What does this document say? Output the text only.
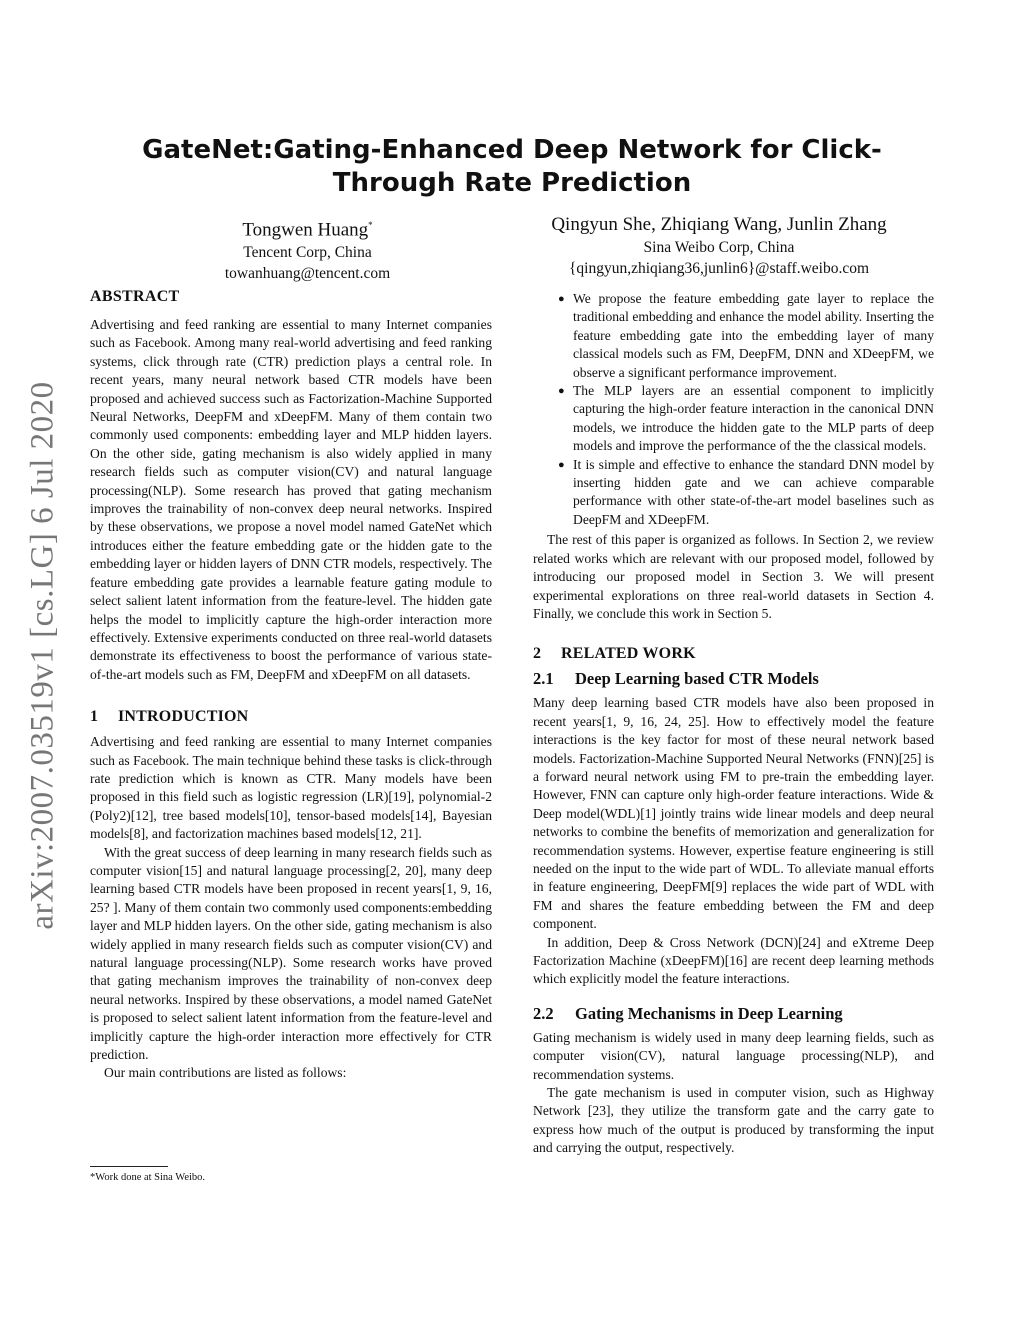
arXiv:2007.03519v1 [cs.LG] 6 Jul 2020
GateNet:Gating-Enhanced Deep Network for Click-Through Rate Prediction
Tongwen Huang*
Tencent Corp, China
towanhuang@tencent.com
Qingyun She, Zhiqiang Wang, Junlin Zhang
Sina Weibo Corp, China
{qingyun,zhiqiang36,junlin6}@staff.weibo.com
ABSTRACT

Advertising and feed ranking are essential to many Internet companies such as Facebook. Among many real-world advertising and feed ranking systems, click through rate (CTR) prediction plays a central role. In recent years, many neural network based CTR models have been proposed and achieved success such as Factorization-Machine Supported Neural Networks, DeepFM and xDeepFM. Many of them contain two commonly used components: embedding layer and MLP hidden layers. On the other side, gating mechanism is also widely applied in many research fields such as computer vision(CV) and natural language processing(NLP). Some research has proved that gating mechanism improves the trainability of non-convex deep neural networks. Inspired by these observations, we propose a novel model named GateNet which introduces either the feature embedding gate or the hidden gate to the embedding layer or hidden layers of DNN CTR models, respectively. The feature embedding gate provides a learnable feature gating module to select salient latent information from the feature-level. The hidden gate helps the model to implicitly capture the high-order interaction more effectively. Extensive experiments conducted on three real-world datasets demonstrate its effectiveness to boost the performance of various state-of-the-art models such as FM, DeepFM and xDeepFM on all datasets.

1 INTRODUCTION

Advertising and feed ranking are essential to many Internet companies such as Facebook. The main technique behind these tasks is click-through rate prediction which is known as CTR. Many models have been proposed in this field such as logistic regression (LR)[19], polynomial-2 (Poly2)[12], tree based models[10], tensor-based models[14], Bayesian models[8], and factorization machines based models[12, 21].

With the great success of deep learning in many research fields such as computer vision[15] and natural language processing[2, 20], many deep learning based CTR models have been proposed in recent years[1, 9, 16, 25? ]. Many of them contain two commonly used components:embedding layer and MLP hidden layers. On the other side, gating mechanism is also widely applied in many research fields such as computer vision(CV) and natural language processing(NLP). Some research works have proved that gating mechanism improves the trainability of non-convex deep neural networks. Inspired by these observations, a model named GateNet is proposed to select salient latent information from the feature-level and implicitly capture the high-order interaction more effectively for CTR prediction.

Our main contributions are listed as follows:

*Work done at Sina Weibo.
● We propose the feature embedding gate layer to replace the traditional embedding and enhance the model ability. Inserting the feature embedding gate into the embedding layer of many classical models such as FM, DeepFM, DNN and XDeepFM, we observe a significant performance improvement.
● The MLP layers are an essential component to implicitly capturing the high-order feature interaction in the canonical DNN models, we introduce the hidden gate to the MLP parts of deep models and improve the performance of the the classical models.
● It is simple and effective to enhance the standard DNN model by inserting hidden gate and we can achieve comparable performance with other state-of-the-art model baselines such as DeepFM and XDeepFM.

The rest of this paper is organized as follows. In Section 2, we review related works which are relevant with our proposed model, followed by introducing our proposed model in Section 3. We will present experimental explorations on three real-world datasets in Section 4. Finally, we conclude this work in Section 5.

2 RELATED WORK
2.1 Deep Learning based CTR Models

Many deep learning based CTR models have also been proposed in recent years[1, 9, 16, 24, 25]. How to effectively model the feature interactions is the key factor for most of these neural network based models. Factorization-Machine Supported Neural Networks (FNN)[25] is a forward neural network using FM to pre-train the embedding layer. However, FNN can capture only high-order feature interactions. Wide & Deep model(WDL)[1] jointly trains wide linear models and deep neural networks to combine the benefits of memorization and generalization for recommendation systems. However, expertise feature engineering is still needed on the input to the wide part of WDL. To alleviate manual efforts in feature engineering, DeepFM[9] replaces the wide part of WDL with FM and shares the feature embedding between the FM and deep component.

In addition, Deep & Cross Network (DCN)[24] and eXtreme Deep Factorization Machine (xDeepFM)[16] are recent deep learning methods which explicitly model the feature interactions.

2.2 Gating Mechanisms in Deep Learning

Gating mechanism is widely used in many deep learning fields, such as computer vision(CV), natural language processing(NLP), and recommendation systems.

The gate mechanism is used in computer vision, such as Highway Network [23], they utilize the transform gate and the carry gate to express how much of the output is produced by transforming the input and carrying the output, respectively.
